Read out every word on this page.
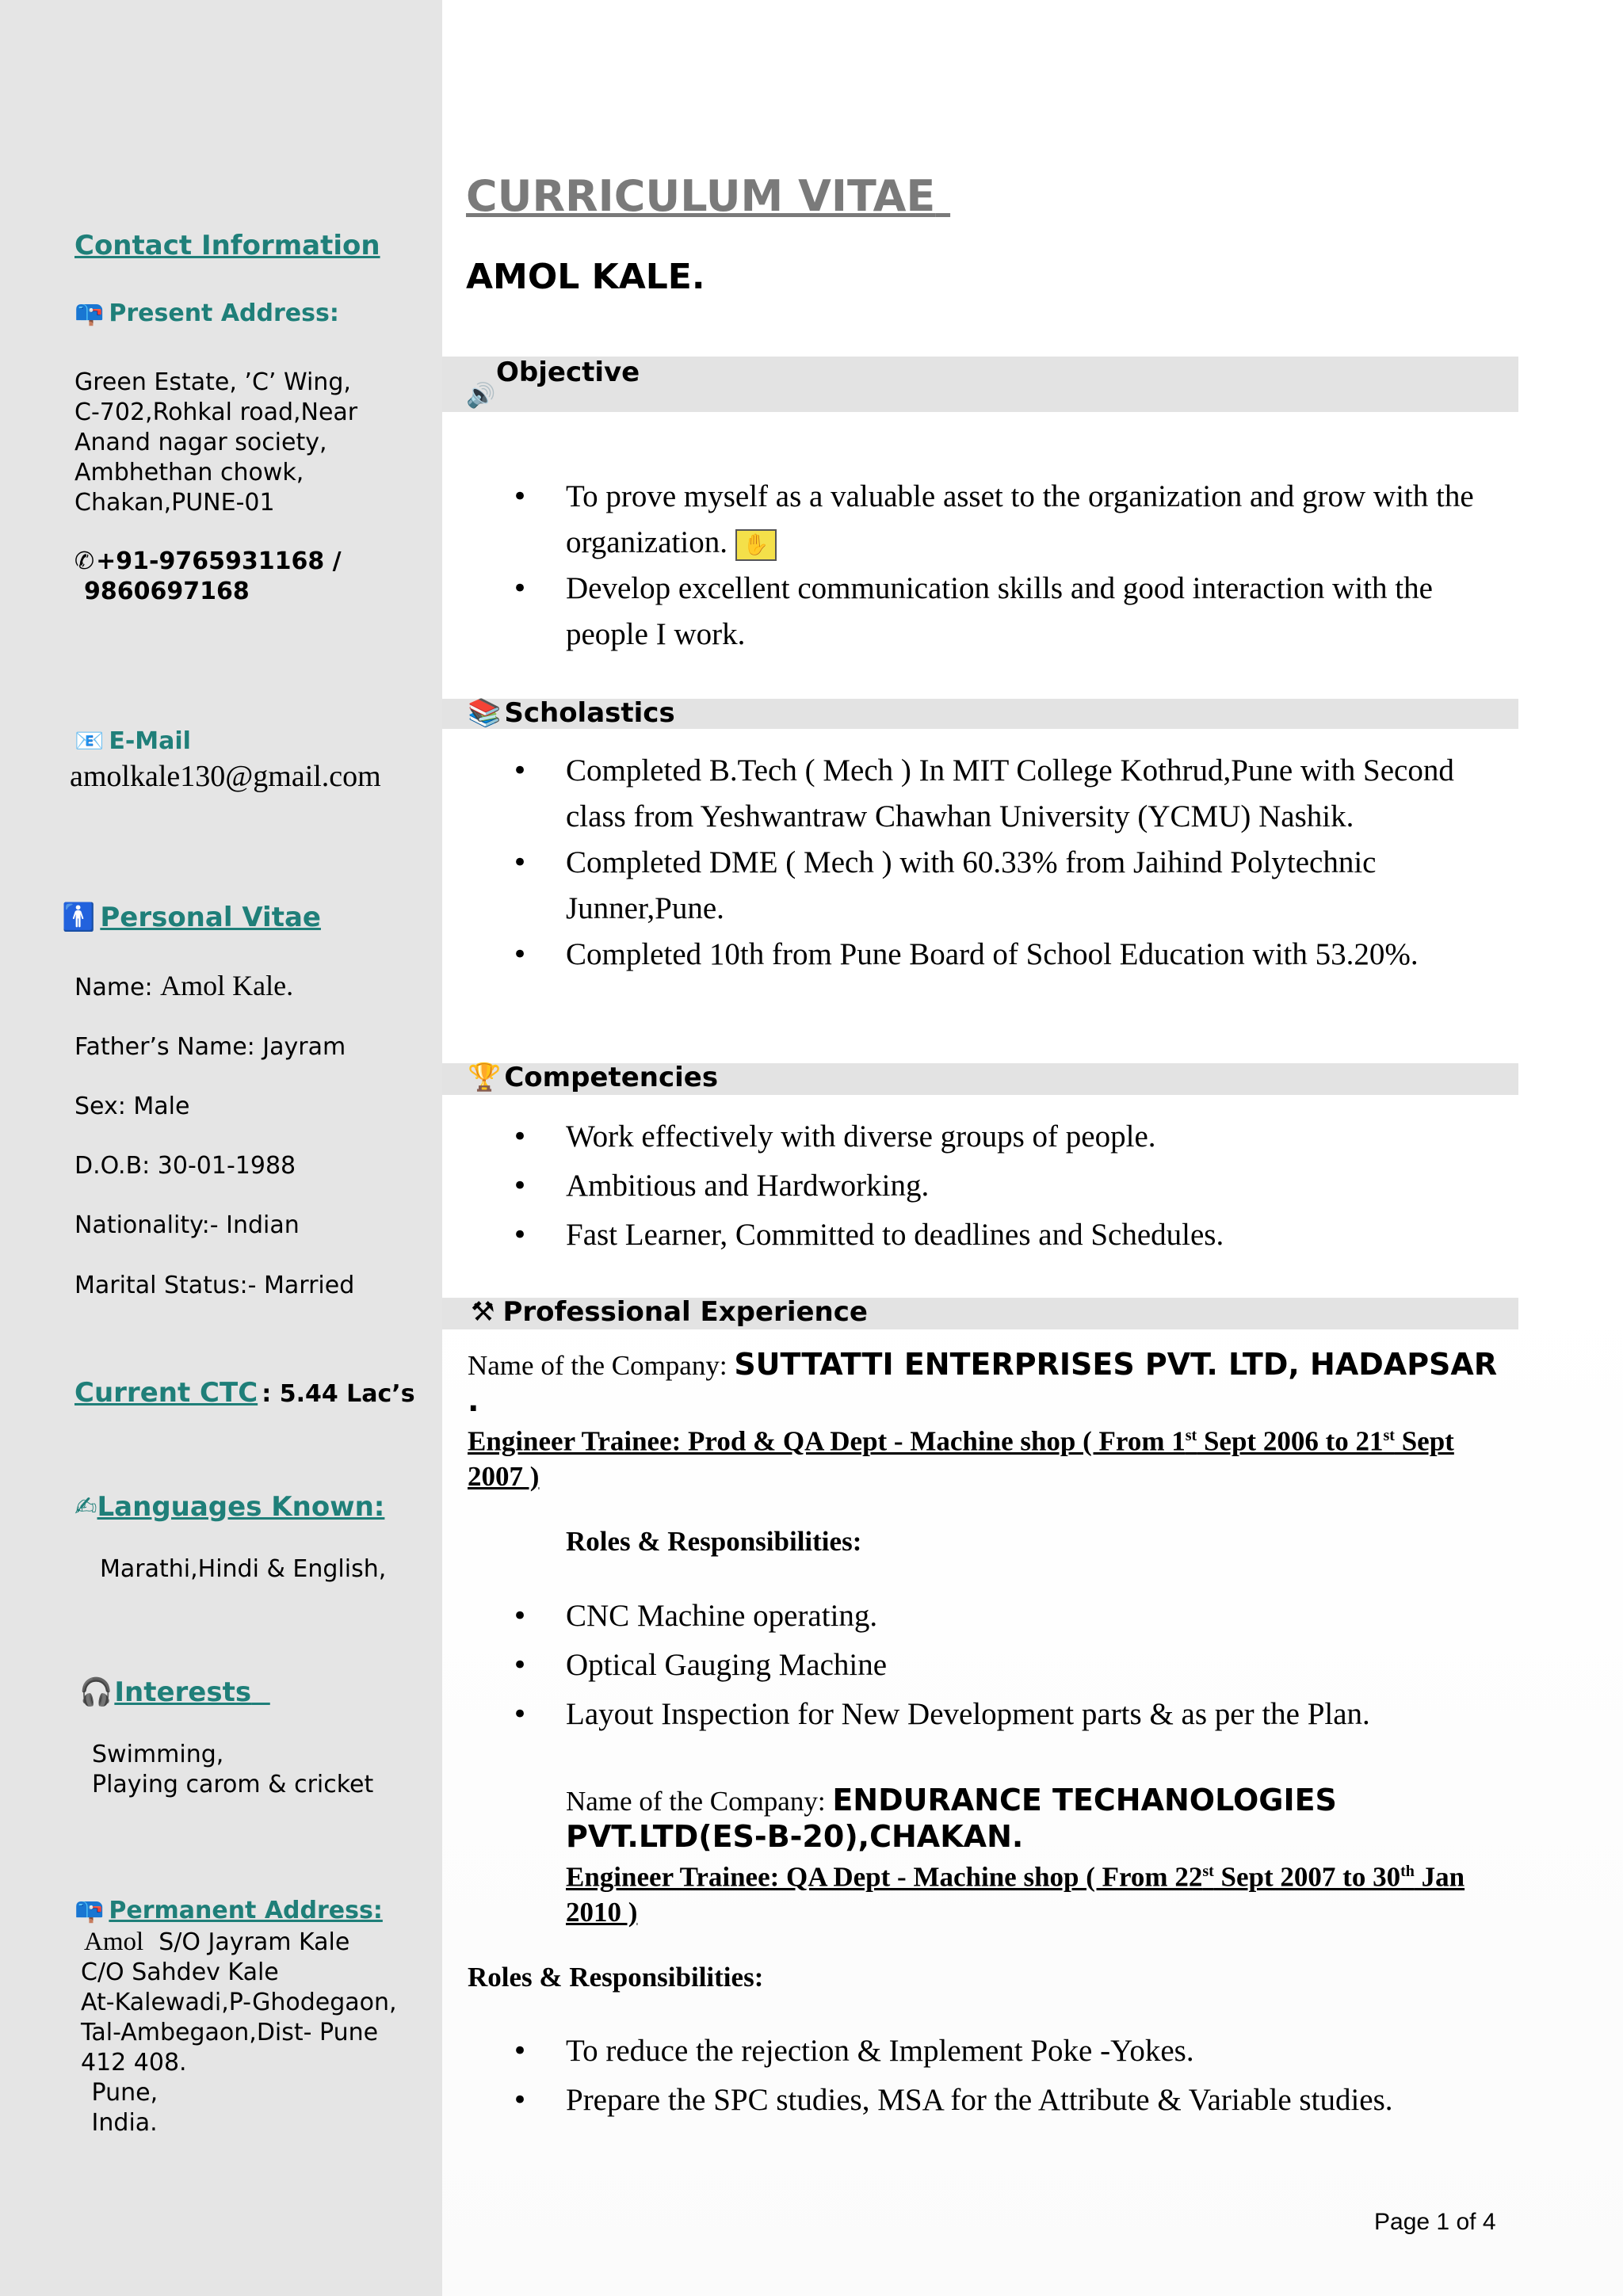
Contact Information
📪 Present Address:
Green Estate, ’C’ Wing,
C-702,Rohkal road,Near
Anand nagar society,
Ambhethan chowk,
Chakan,PUNE-01
✆+91-9765931168 /
9860697168
📧 E-Mail
amolkale130@gmail.com
🚹 Personal Vitae
Name: Amol Kale.
Father’s Name: Jayram
Sex: Male
D.O.B: 30-01-1988
Nationality:- Indian
Marital Status:- Married
Current CTC : 5.44 Lac’s
✍Languages Known:
Marathi,Hindi & English,
🎧Interests
Swimming,
Playing carom & cricket
📪 Permanent Address:
Amol S/O Jayram Kale
C/O Sahdev Kale
At-Kalewadi,P-Ghodegaon,
Tal-Ambegaon,Dist- Pune
412 408.
Pune,
India.
CURRICULUM VITAE
AMOL KALE.
Objective
🔊
• To prove myself as a valuable asset to the organization and grow with the organization. ✋
• Develop excellent communication skills and good interaction with the people I work.
📚 Scholastics
• Completed B.Tech ( Mech ) In MIT College Kothrud,Pune with Second class from Yeshwantraw Chawhan University (YCMU) Nashik.
• Completed DME ( Mech ) with 60.33% from Jaihind Polytechnic Junner,Pune.
• Completed 10th from Pune Board of School Education with 53.20%.
🏆 Competencies
• Work effectively with diverse groups of people.
• Ambitious and Hardworking.
• Fast Learner, Committed to deadlines and Schedules.
⚒ Professional Experience
Name of the Company: SUTTATTI ENTERPRISES PVT. LTD, HADAPSAR .
Engineer Trainee: Prod & QA Dept - Machine shop ( From 1st Sept 2006 to 21st Sept 2007 )
Roles & Responsibilities:
• CNC Machine operating.
• Optical Gauging Machine
• Layout Inspection for New Development parts & as per the Plan.
Name of the Company: ENDURANCE TECHANOLOGIES PVT.LTD(ES-B-20),CHAKAN.
Engineer Trainee: QA Dept - Machine shop ( From 22st Sept 2007 to 30th Jan 2010 )
Roles & Responsibilities:
• To reduce the rejection & Implement Poke -Yokes.
• Prepare the SPC studies, MSA for the Attribute & Variable studies.
Page 1 of 4
